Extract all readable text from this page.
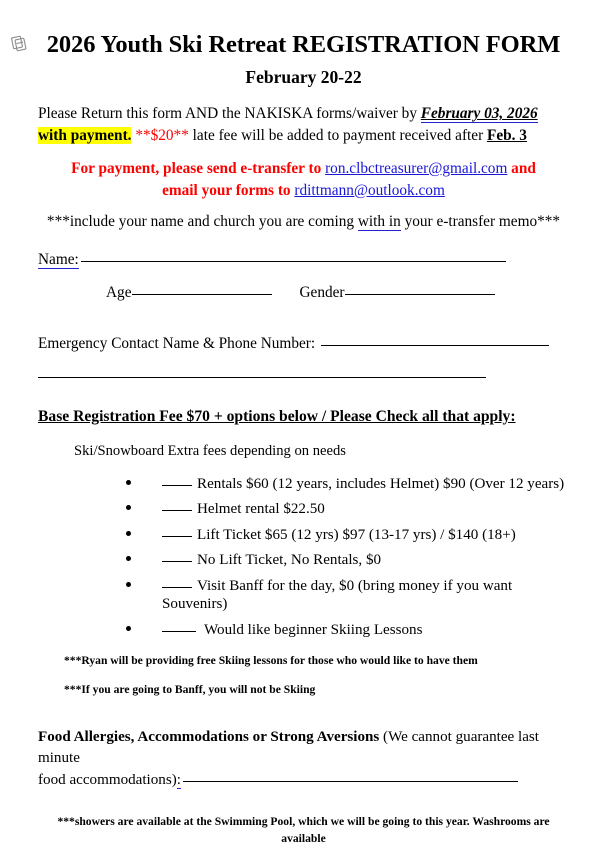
2026 Youth Ski Retreat REGISTRATION FORM
February 20-22
Please Return this form AND the NAKISKA forms/waiver by February 03, 2026
with payment. **$20** late fee will be added to payment received after Feb. 3
For payment, please send e-transfer to ron.clbctreasurer@gmail.com and
email your forms to rdittmann@outlook.com
***include your name and church you are coming with in your e-transfer memo***
Name:
Age	Gender
Emergency Contact Name & Phone Number:
Base Registration Fee $70 + options below / Please Check all that apply:
Ski/Snowboard Extra fees depending on needs
Rentals $60 (12 years, includes Helmet) $90 (Over 12 years)
Helmet rental $22.50
Lift Ticket $65 (12 yrs) $97 (13-17 yrs) / $140 (18+)
No Lift Ticket, No Rentals, $0
Visit Banff for the day, $0 (bring money if you want Souvenirs)
Would like beginner Skiing Lessons
***Ryan will be providing free Skiing lessons for those who would like to have them
***If you are going to Banff, you will not be Skiing
Food Allergies, Accommodations or Strong Aversions (We cannot guarantee last minute
food accommodations):
***showers are available at the Swimming Pool, which we will be going to this year. Washrooms are available
